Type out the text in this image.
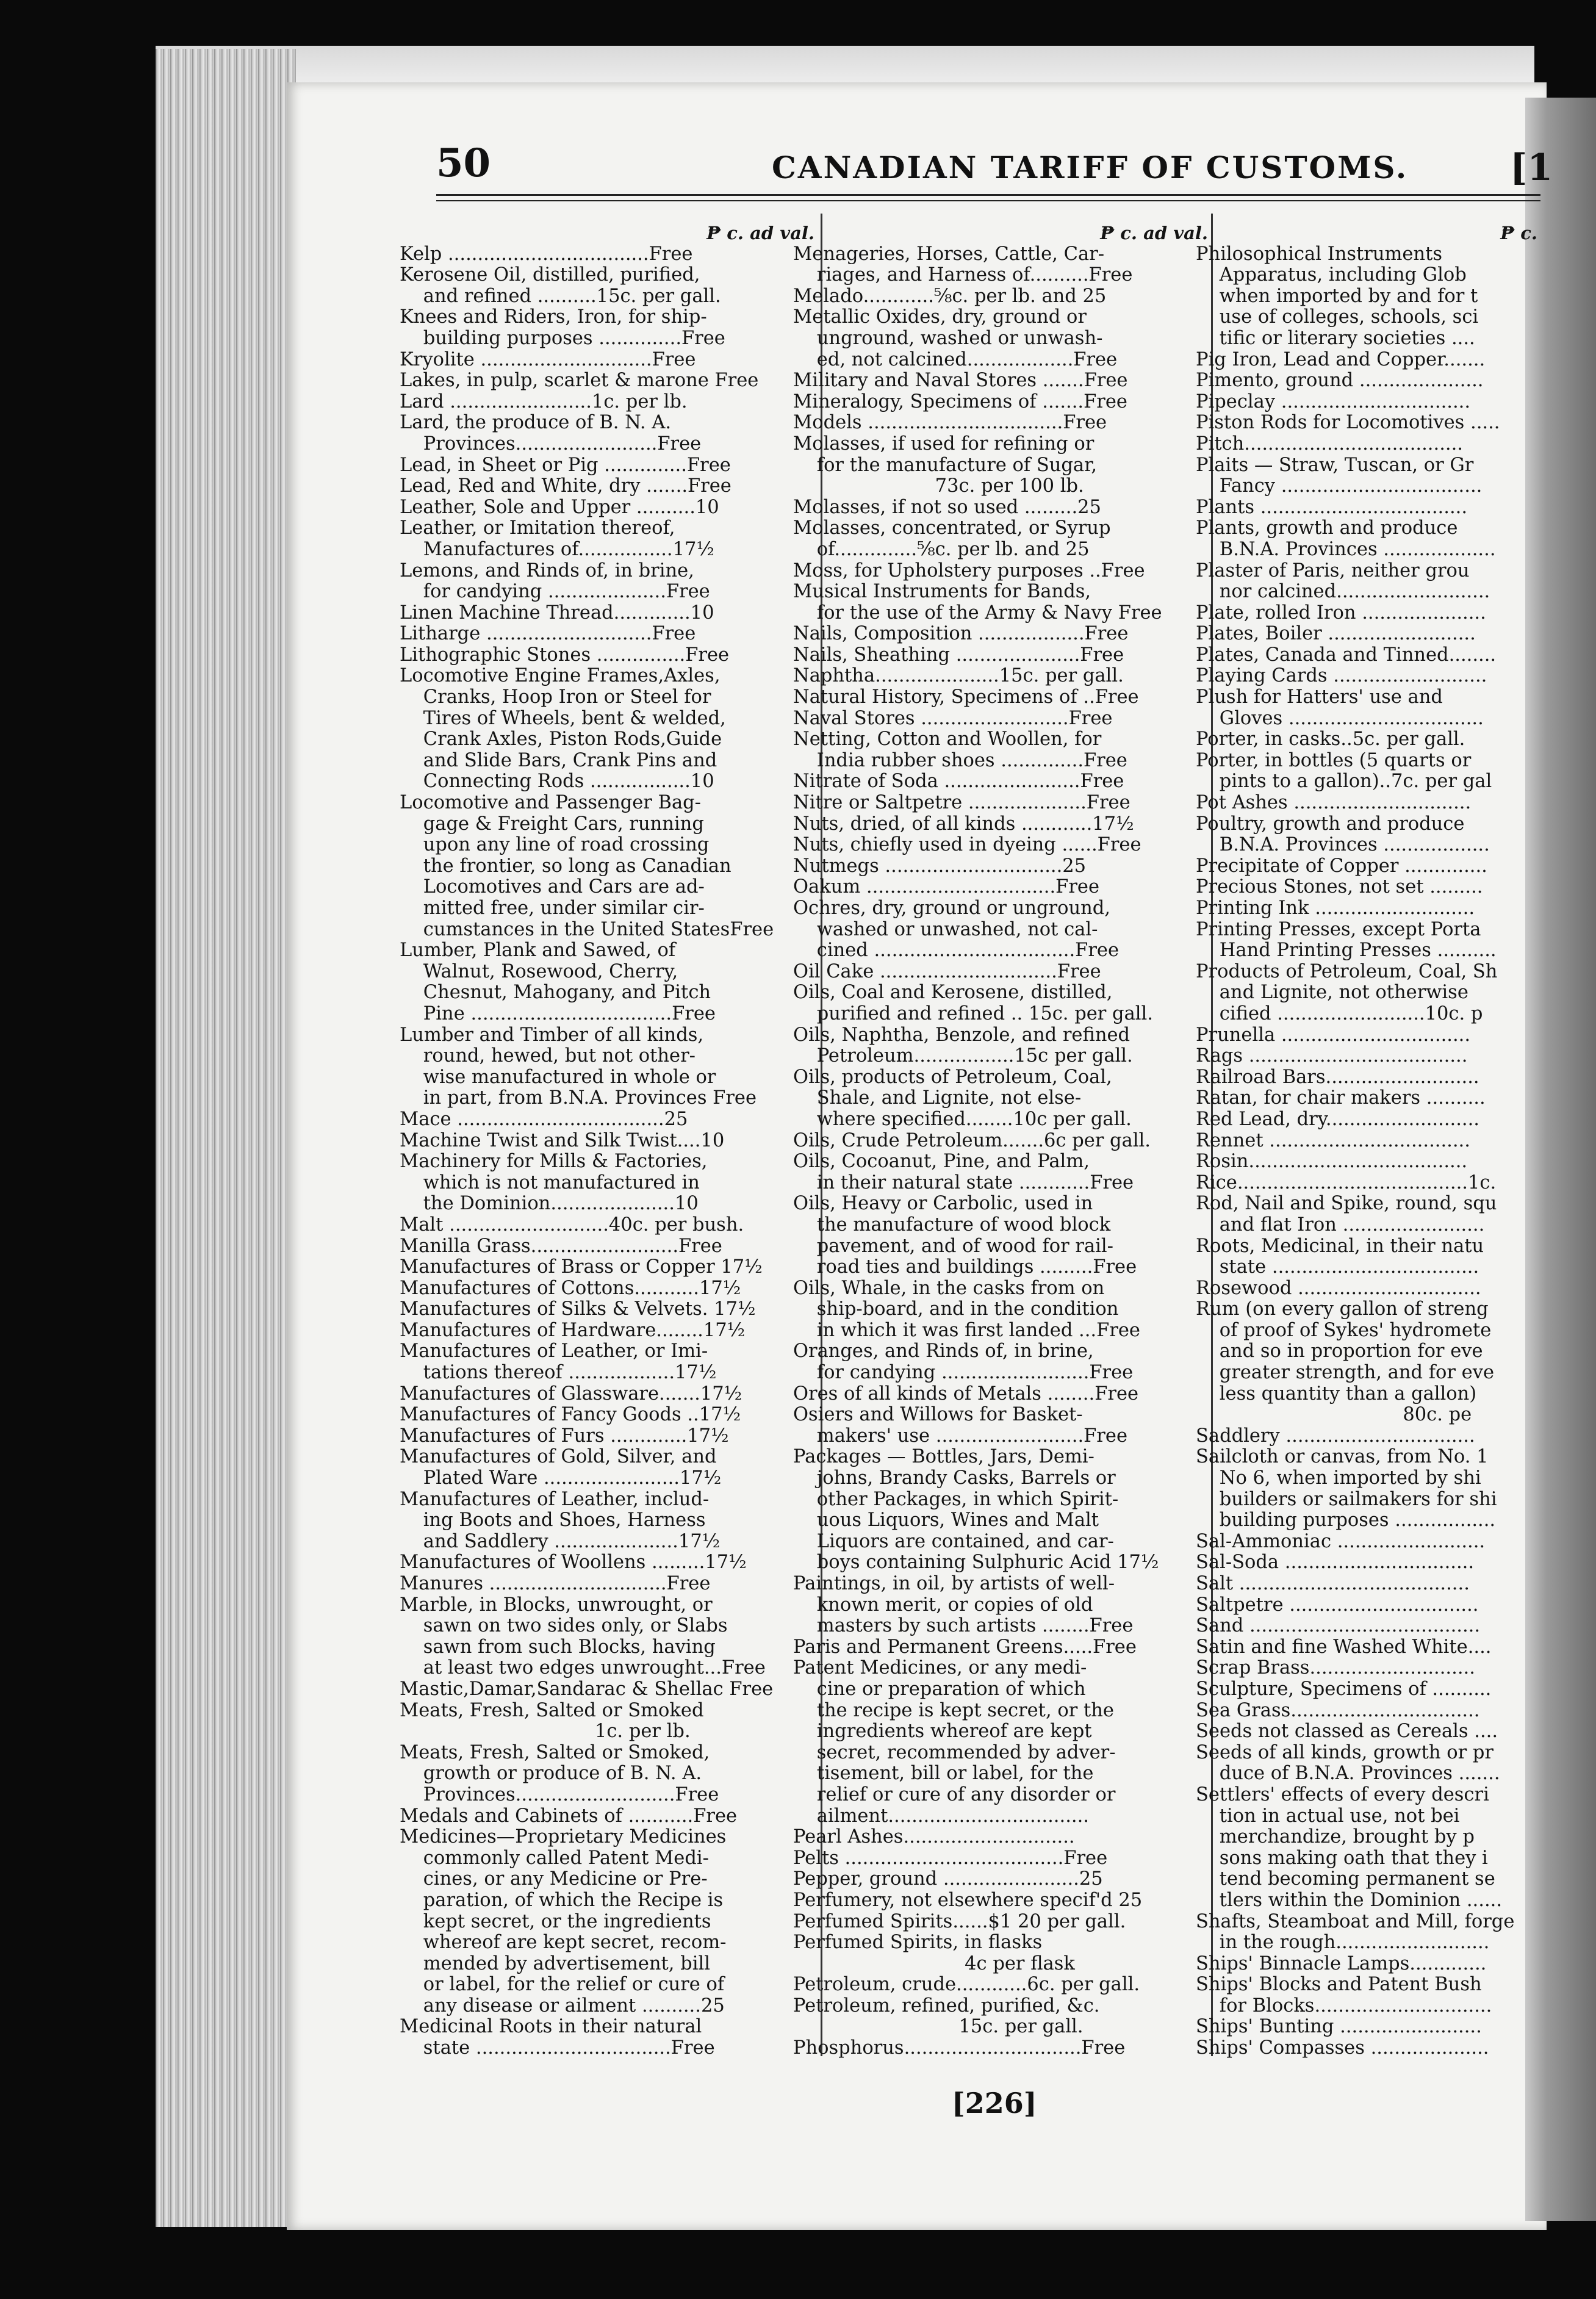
50	CANADIAN TARIFF OF CUSTOMS.	[1
₱ c. ad val.
Kelp ..................................Free
Kerosene Oil, distilled, purified,
and refined ..........15c. per gall.
Knees and Riders, Iron, for ship-
building purposes ..............Free
Kryolite .............................Free
Lakes, in pulp, scarlet & marone Free
Lard ........................1c. per lb.
Lard, the produce of B. N. A.
Provinces........................Free
Lead, in Sheet or Pig ..............Free
Lead, Red and White, dry .......Free
Leather, Sole and Upper ..........10
Leather, or Imitation thereof,
Manufactures of................17½
Lemons, and Rinds of, in brine,
for candying ....................Free
Linen Machine Thread.............10
Litharge ............................Free
Lithographic Stones ...............Free
Locomotive Engine Frames,Axles,
Cranks, Hoop Iron or Steel for
Tires of Wheels, bent & welded,
Crank Axles, Piston Rods,Guide
and Slide Bars, Crank Pins and
Connecting Rods .................10
Locomotive and Passenger Bag-
gage & Freight Cars, running
upon any line of road crossing
the frontier, so long as Canadian
Locomotives and Cars are ad-
mitted free, under similar cir-
cumstances in the United StatesFree
Lumber, Plank and Sawed, of
Walnut, Rosewood, Cherry,
Chesnut, Mahogany, and Pitch
Pine ..................................Free
Lumber and Timber of all kinds,
round, hewed, but not other-
wise manufactured in whole or
in part, from B.N.A. Provinces Free
Mace ...................................25
Machine Twist and Silk Twist....10
Machinery for Mills & Factories,
which is not manufactured in
the Dominion.....................10
Malt ...........................40c. per bush.
Manilla Grass.........................Free
Manufactures of Brass or Copper 17½
Manufactures of Cottons...........17½
Manufactures of Silks & Velvets. 17½
Manufactures of Hardware........17½
Manufactures of Leather, or Imi-
tations thereof ..................17½
Manufactures of Glassware.......17½
Manufactures of Fancy Goods ..17½
Manufactures of Furs .............17½
Manufactures of Gold, Silver, and
Plated Ware .......................17½
Manufactures of Leather, includ-
ing Boots and Shoes, Harness
and Saddlery .....................17½
Manufactures of Woollens .........17½
Manures ..............................Free
Marble, in Blocks, unwrought, or
sawn on two sides only, or Slabs
sawn from such Blocks, having
at least two edges unwrought...Free
Mastic,Damar,Sandarac & Shellac Free
Meats, Fresh, Salted or Smoked
1c. per lb.
Meats, Fresh, Salted or Smoked,
growth or produce of B. N. A.
Provinces...........................Free
Medals and Cabinets of ...........Free
Medicines—Proprietary Medicines
commonly called Patent Medi-
cines, or any Medicine or Pre-
paration, of which the Recipe is
kept secret, or the ingredients
whereof are kept secret, recom-
mended by advertisement, bill
or label, for the relief or cure of
any disease or ailment ..........25
Medicinal Roots in their natural
state .................................Free
₱ c. ad val.
Menageries, Horses, Cattle, Car-
riages, and Harness of..........Free
Melado............⅝c. per lb. and 25
Metallic Oxides, dry, ground or
unground, washed or unwash-
ed, not calcined..................Free
Military and Naval Stores .......Free
Mineralogy, Specimens of .......Free
Models .................................Free
Molasses, if used for refining or
for the manufacture of Sugar,
73c. per 100 lb.
Molasses, if not so used .........25
Molasses, concentrated, or Syrup
of..............⅝c. per lb. and 25
Moss, for Upholstery purposes ..Free
Musical Instruments for Bands,
for the use of the Army & Navy Free
Nails, Composition ..................Free
Nails, Sheathing .....................Free
Naphtha.....................15c. per gall.
Natural History, Specimens of ..Free
Naval Stores .........................Free
Netting, Cotton and Woollen, for
India rubber shoes ..............Free
Nitrate of Soda .......................Free
Nitre or Saltpetre ....................Free
Nuts, dried, of all kinds ............17½
Nuts, chiefly used in dyeing ......Free
Nutmegs ..............................25
Oakum ................................Free
Ochres, dry, ground or unground,
washed or unwashed, not cal-
cined ..................................Free
Oil Cake ..............................Free
Oils, Coal and Kerosene, distilled,
purified and refined .. 15c. per gall.
Oils, Naphtha, Benzole, and refined
Petroleum.................15c per gall.
Oils, products of Petroleum, Coal,
Shale, and Lignite, not else-
where specified........10c per gall.
Oils, Crude Petroleum.......6c per gall.
Oils, Cocoanut, Pine, and Palm,
in their natural state ............Free
Oils, Heavy or Carbolic, used in
the manufacture of wood block
pavement, and of wood for rail-
road ties and buildings .........Free
Oils, Whale, in the casks from on
ship-board, and in the condition
in which it was first landed ...Free
Oranges, and Rinds of, in brine,
for candying .........................Free
Ores of all kinds of Metals ........Free
Osiers and Willows for Basket-
makers' use .........................Free
Packages — Bottles, Jars, Demi-
johns, Brandy Casks, Barrels or
other Packages, in which Spirit-
uous Liquors, Wines and Malt
Liquors are contained, and car-
boys containing Sulphuric Acid 17½
Paintings, in oil, by artists of well-
known merit, or copies of old
masters by such artists ........Free
Paris and Permanent Greens.....Free
Patent Medicines, or any medi-
cine or preparation of which
the recipe is kept secret, or the
ingredients whereof are kept
secret, recommended by adver-
tisement, bill or label, for the
relief or cure of any disorder or
ailment..................................
Pearl Ashes.............................
Pelts .....................................Free
Pepper, ground .......................25
Perfumery, not elsewhere specif'd 25
Perfumed Spirits......$1 20 per gall.
Perfumed Spirits, in flasks
4c per flask
Petroleum, crude............6c. per gall.
Petroleum, refined, purified, &c.
15c. per gall.
Phosphorus..............................Free
₱ c.
Philosophical Instruments
Apparatus, including Glob
when imported by and for t
use of colleges, schools, sci
tific or literary societies ....
Pig Iron, Lead and Copper.......
Pimento, ground .....................
Pipeclay ................................
Piston Rods for Locomotives .....
Pitch.....................................
Plaits — Straw, Tuscan, or Gr
Fancy ..................................
Plants ...................................
Plants, growth and produce
B.N.A. Provinces ...................
Plaster of Paris, neither grou
nor calcined..........................
Plate, rolled Iron .....................
Plates, Boiler .........................
Plates, Canada and Tinned........
Playing Cards ..........................
Plush for Hatters' use and
Gloves .................................
Porter, in casks..5c. per gall.
Porter, in bottles (5 quarts or
pints to a gallon)..7c. per gal
Pot Ashes ..............................
Poultry, growth and produce
B.N.A. Provinces ..................
Precipitate of Copper ..............
Precious Stones, not set .........
Printing Ink ...........................
Printing Presses, except Porta
Hand Printing Presses ..........
Products of Petroleum, Coal, Sh
and Lignite, not otherwise
cified .........................10c. p
Prunella ................................
Rags .....................................
Railroad Bars..........................
Ratan, for chair makers ..........
Red Lead, dry..........................
Rennet ..................................
Rosin.....................................
Rice.......................................1c.
Rod, Nail and Spike, round, squ
and flat Iron ........................
Roots, Medicinal, in their natu
state ...................................
Rosewood ...............................
Rum (on every gallon of streng
of proof of Sykes' hydromete
and so in proportion for eve
greater strength, and for eve
less quantity than a gallon)
80c. pe
Saddlery ................................
Sailcloth or canvas, from No. 1
No 6, when imported by shi
builders or sailmakers for shi
building purposes .................
Sal-Ammoniac .........................
Sal-Soda ................................
Salt .......................................
Saltpetre ................................
Sand .......................................
Satin and fine Washed White....
Scrap Brass............................
Sculpture, Specimens of ..........
Sea Grass................................
Seeds not classed as Cereals ....
Seeds of all kinds, growth or pr
duce of B.N.A. Provinces .......
Settlers' effects of every descri
tion in actual use, not bei
merchandize, brought by p
sons making oath that they i
tend becoming permanent se
tlers within the Dominion ......
Shafts, Steamboat and Mill, forge
in the rough..........................
Ships' Binnacle Lamps.............
Ships' Blocks and Patent Bush
for Blocks..............................
Ships' Bunting ........................
Ships' Compasses ....................
[226]
